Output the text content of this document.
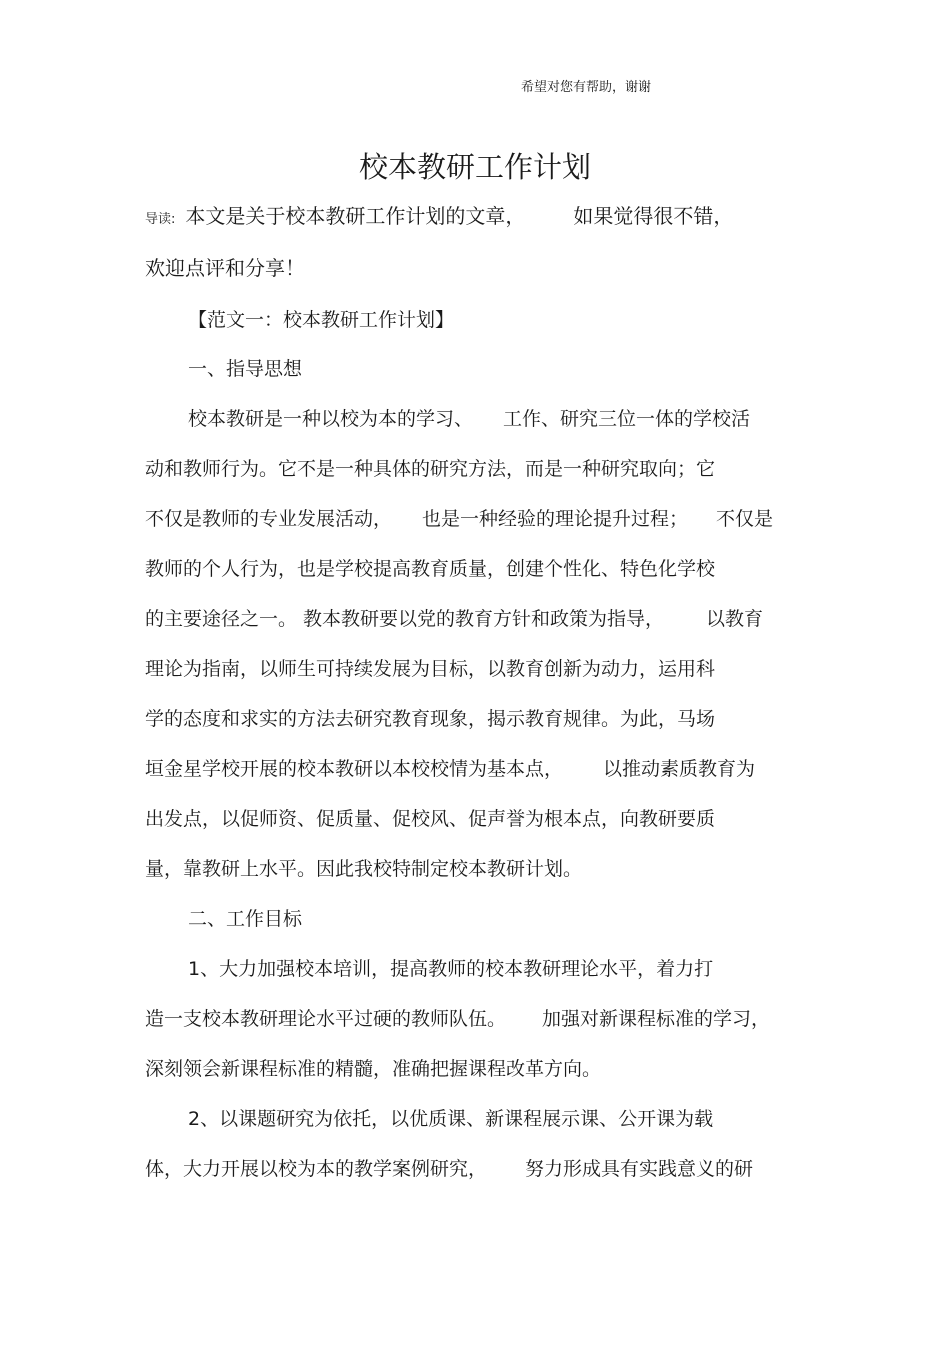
希望对您有帮助，谢谢
校本教研工作计划
导读: 本文是关于校本教研工作计划的文章， 如果觉得很不错，
欢迎点评和分享！
【范文一：校本教研工作计划】
一、指导思想
校本教研是一种以校为本的学习、 工作、研究三位一体的学校活
动和教师行为。它不是一种具体的研究方法，而是一种研究取向；它
不仅是教师的专业发展活动， 也是一种经验的理论提升过程； 不仅是
教师的个人行为，也是学校提高教育质量，创建个性化、特色化学校
的主要途径之一。 教本教研要以党的教育方针和政策为指导， 以教育
理论为指南，以师生可持续发展为目标，以教育创新为动力，运用科
学的态度和求实的方法去研究教育现象，揭示教育规律。为此，马场
垣金星学校开展的校本教研以本校校情为基本点， 以推动素质教育为
出发点，以促师资、促质量、促校风、促声誉为根本点，向教研要质
量，靠教研上水平。因此我校特制定校本教研计划。
二、工作目标
1、大力加强校本培训，提高教师的校本教研理论水平，着力打
造一支校本教研理论水平过硬的教师队伍。 加强对新课程标准的学习，
深刻领会新课程标准的精髓，准确把握课程改革方向。
2、以课题研究为依托，以优质课、新课程展示课、公开课为载
体，大力开展以校为本的教学案例研究， 努力形成具有实践意义的研
